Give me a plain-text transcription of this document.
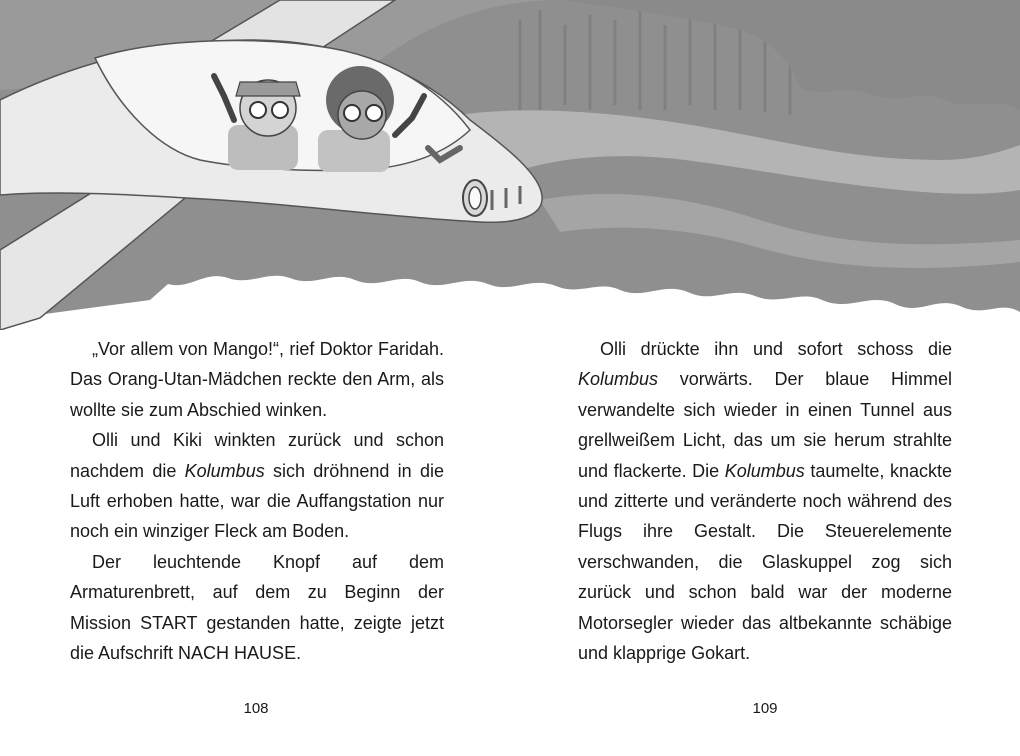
„Vor allem von Mango!“, rief Doktor Faridah. Das Orang-Utan-Mädchen reckte den Arm, als wollte sie zum Abschied winken.

Olli und Kiki winkten zurück und schon nachdem die Kolumbus sich dröhnend in die Luft erhoben hatte, war die Auffangstation nur noch ein winziger Fleck am Boden.

Der leuchtende Knopf auf dem Armaturenbrett, auf dem zu Beginn der Mission START gestanden hatte, zeigte jetzt die Aufschrift NACH HAUSE.

Olli drückte ihn und sofort schoss die Kolumbus vorwärts. Der blaue Himmel verwandelte sich wieder in einen Tunnel aus grellweißem Licht, das um sie herum strahlte und flackerte. Die Kolumbus taumelte, knackte und zitterte und veränderte noch während des Flugs ihre Gestalt. Die Steuerelemente verschwanden, die Glaskuppel zog sich zurück und schon bald war der moderne Motorsegler wieder das altbekannte schäbige und klapprige Gokart.

108	109
